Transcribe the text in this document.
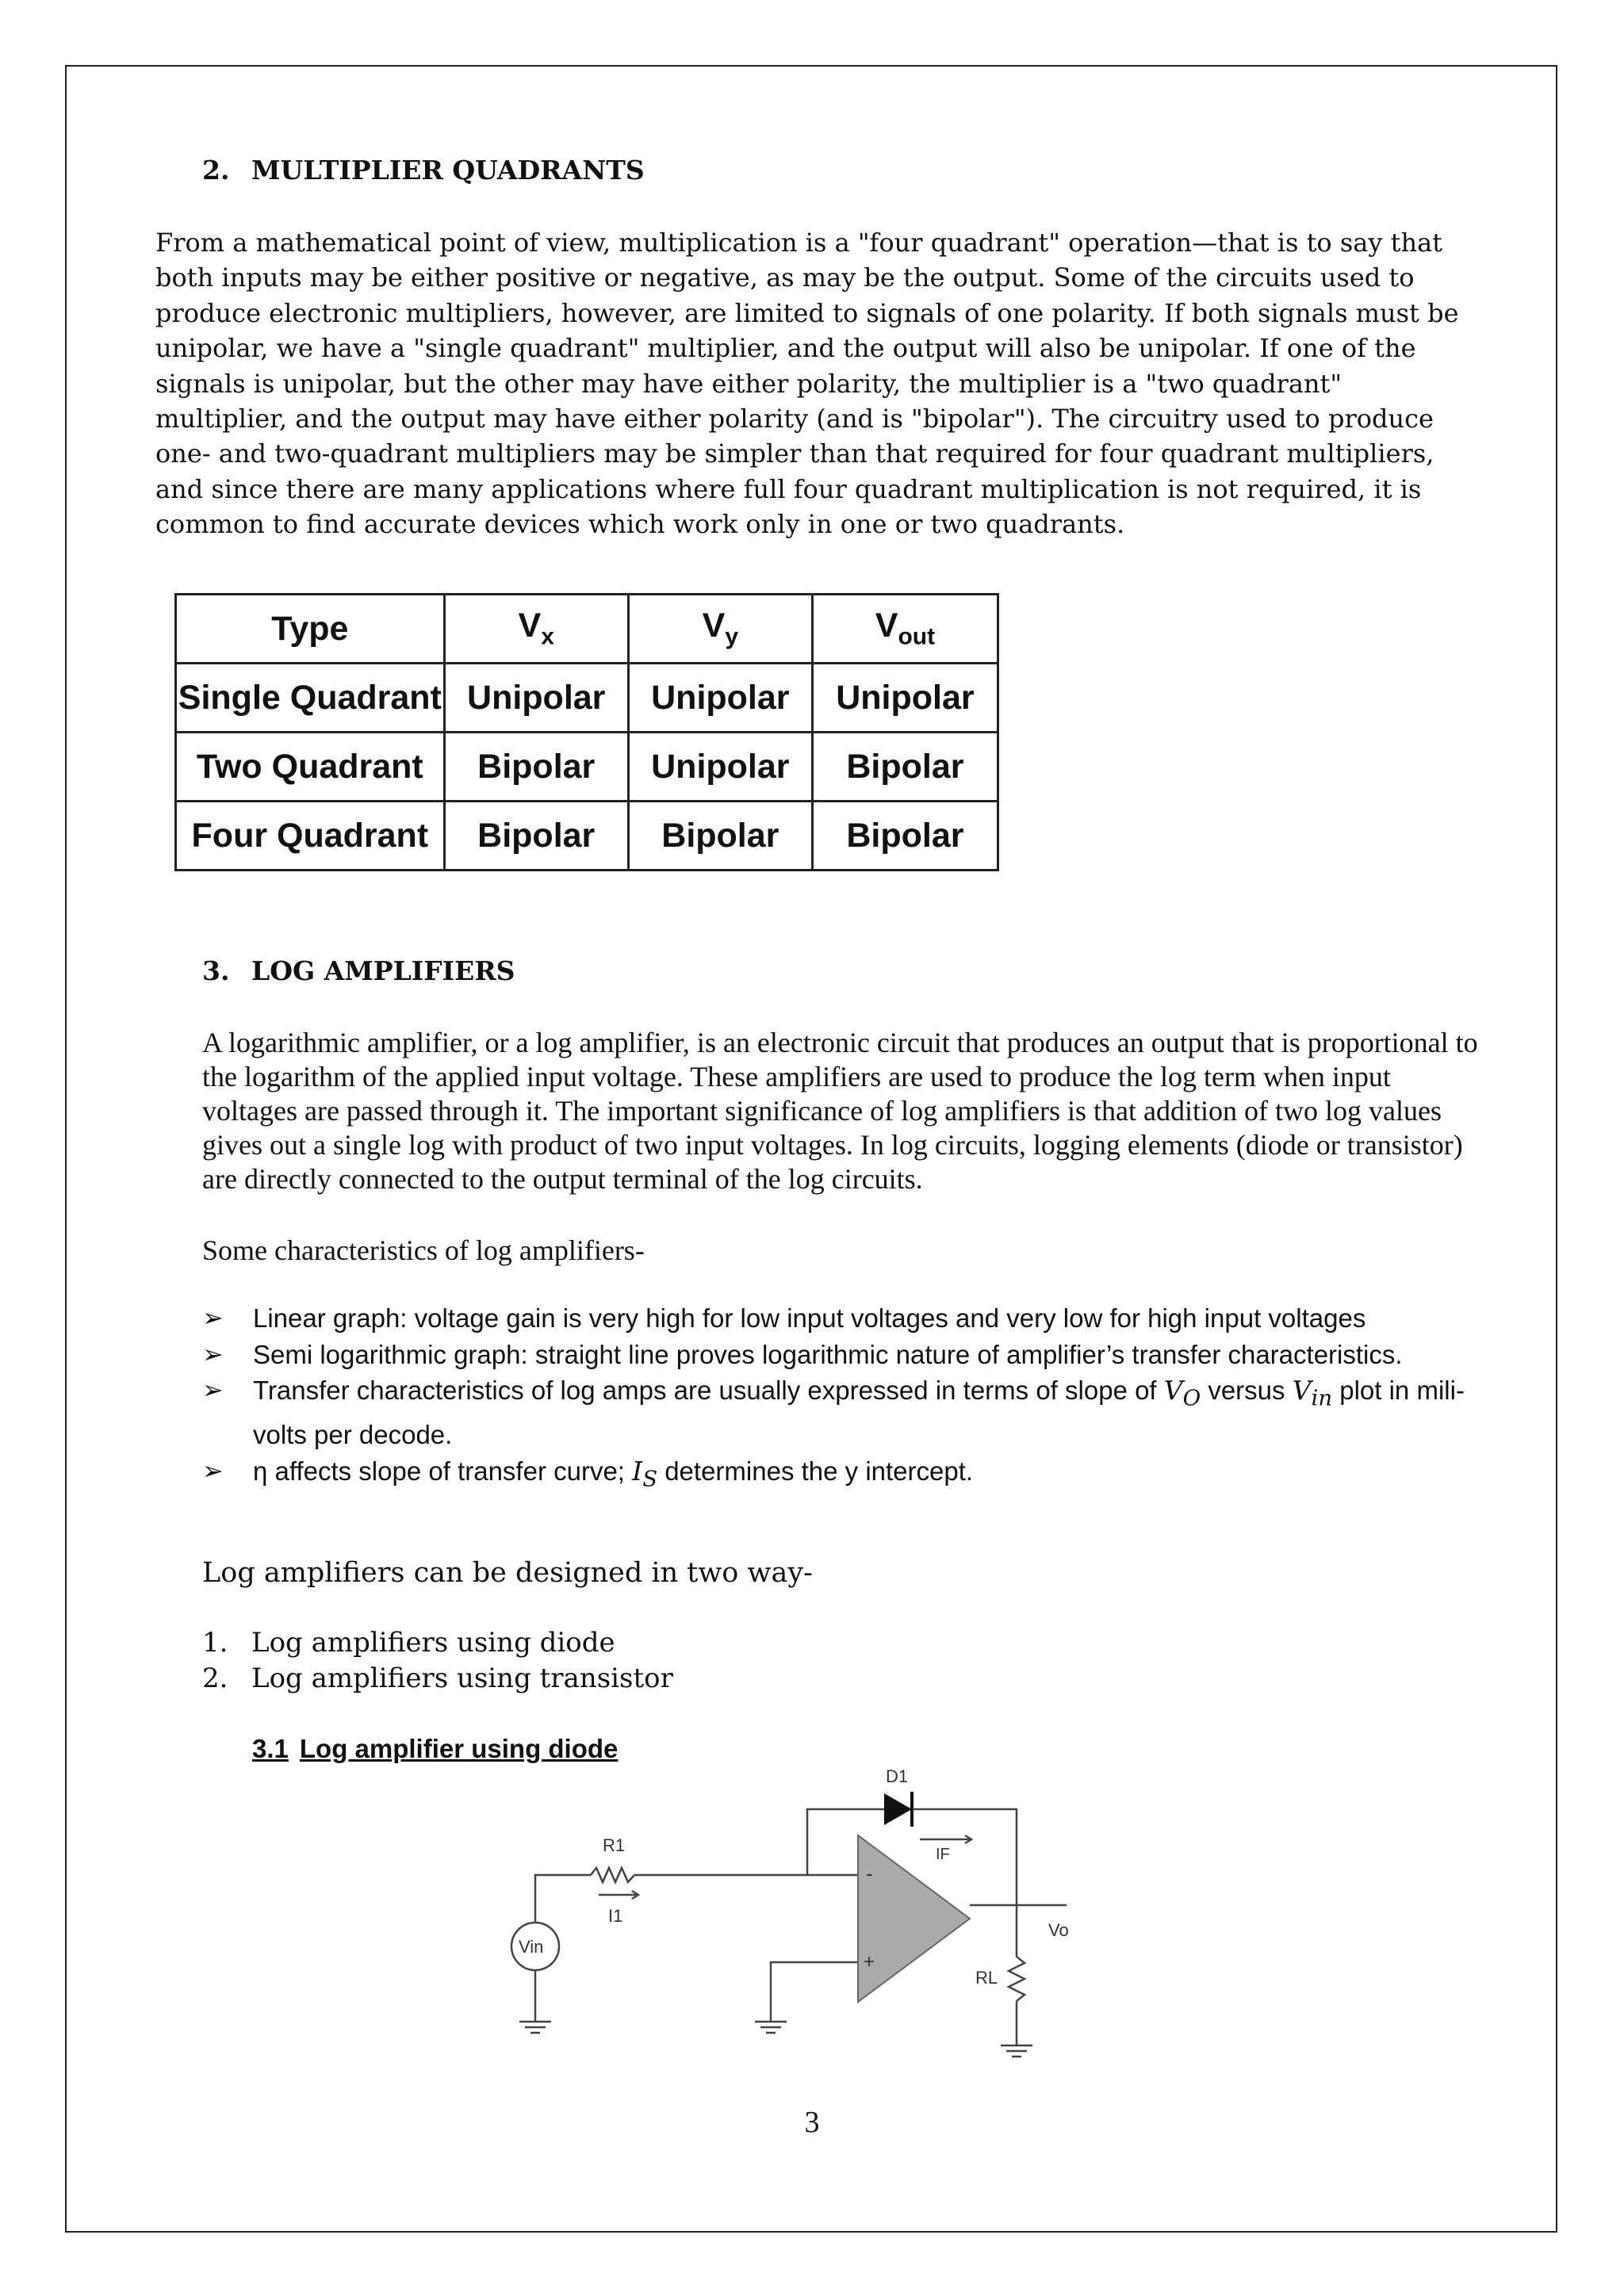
2. MULTIPLIER QUADRANTS

From a mathematical point of view, multiplication is a "four quadrant" operation—that is to say that both inputs may be either positive or negative, as may be the output. Some of the circuits used to produce electronic multipliers, however, are limited to signals of one polarity. If both signals must be unipolar, we have a "single quadrant" multiplier, and the output will also be unipolar. If one of the signals is unipolar, but the other may have either polarity, the multiplier is a "two quadrant" multiplier, and the output may have either polarity (and is "bipolar"). The circuitry used to produce one- and two-quadrant multipliers may be simpler than that required for four quadrant multipliers, and since there are many applications where full four quadrant multiplication is not required, it is common to find accurate devices which work only in one or two quadrants.

Type	$V_x$	$V_y$	$V_{out}$
Single Quadrant	Unipolar	Unipolar	Unipolar
Two Quadrant	Bipolar	Unipolar	Bipolar
Four Quadrant	Bipolar	Bipolar	Bipolar
3. LOG AMPLIFIERS

A logarithmic amplifier, or a log amplifier, is an electronic circuit that produces an output that is proportional to the logarithm of the applied input voltage. These amplifiers are used to produce the log term when input voltages are passed through it. The important significance of log amplifiers is that addition of two log values gives out a single log with product of two input voltages. In log circuits, logging elements (diode or transistor) are directly connected to the output terminal of the log circuits.

Some characteristics of log amplifiers-

➢ Linear graph: voltage gain is very high for low input voltages and very low for high input voltages
➢ Semi logarithmic graph: straight line proves logarithmic nature of amplifier’s transfer characteristics.
➢ Transfer characteristics of log amps are usually expressed in terms of slope of $V_O$ versus $V_{in}$ plot in mili-volts per decode.
➢ η affects slope of transfer curve; $I_S$ determines the y intercept.

Log amplifiers can be designed in two way-

1. Log amplifiers using diode
2. Log amplifiers using transistor
3.1 Log amplifier using diode
D1
IF
R1
I1
Vin
-
+
Vo
RL
3
